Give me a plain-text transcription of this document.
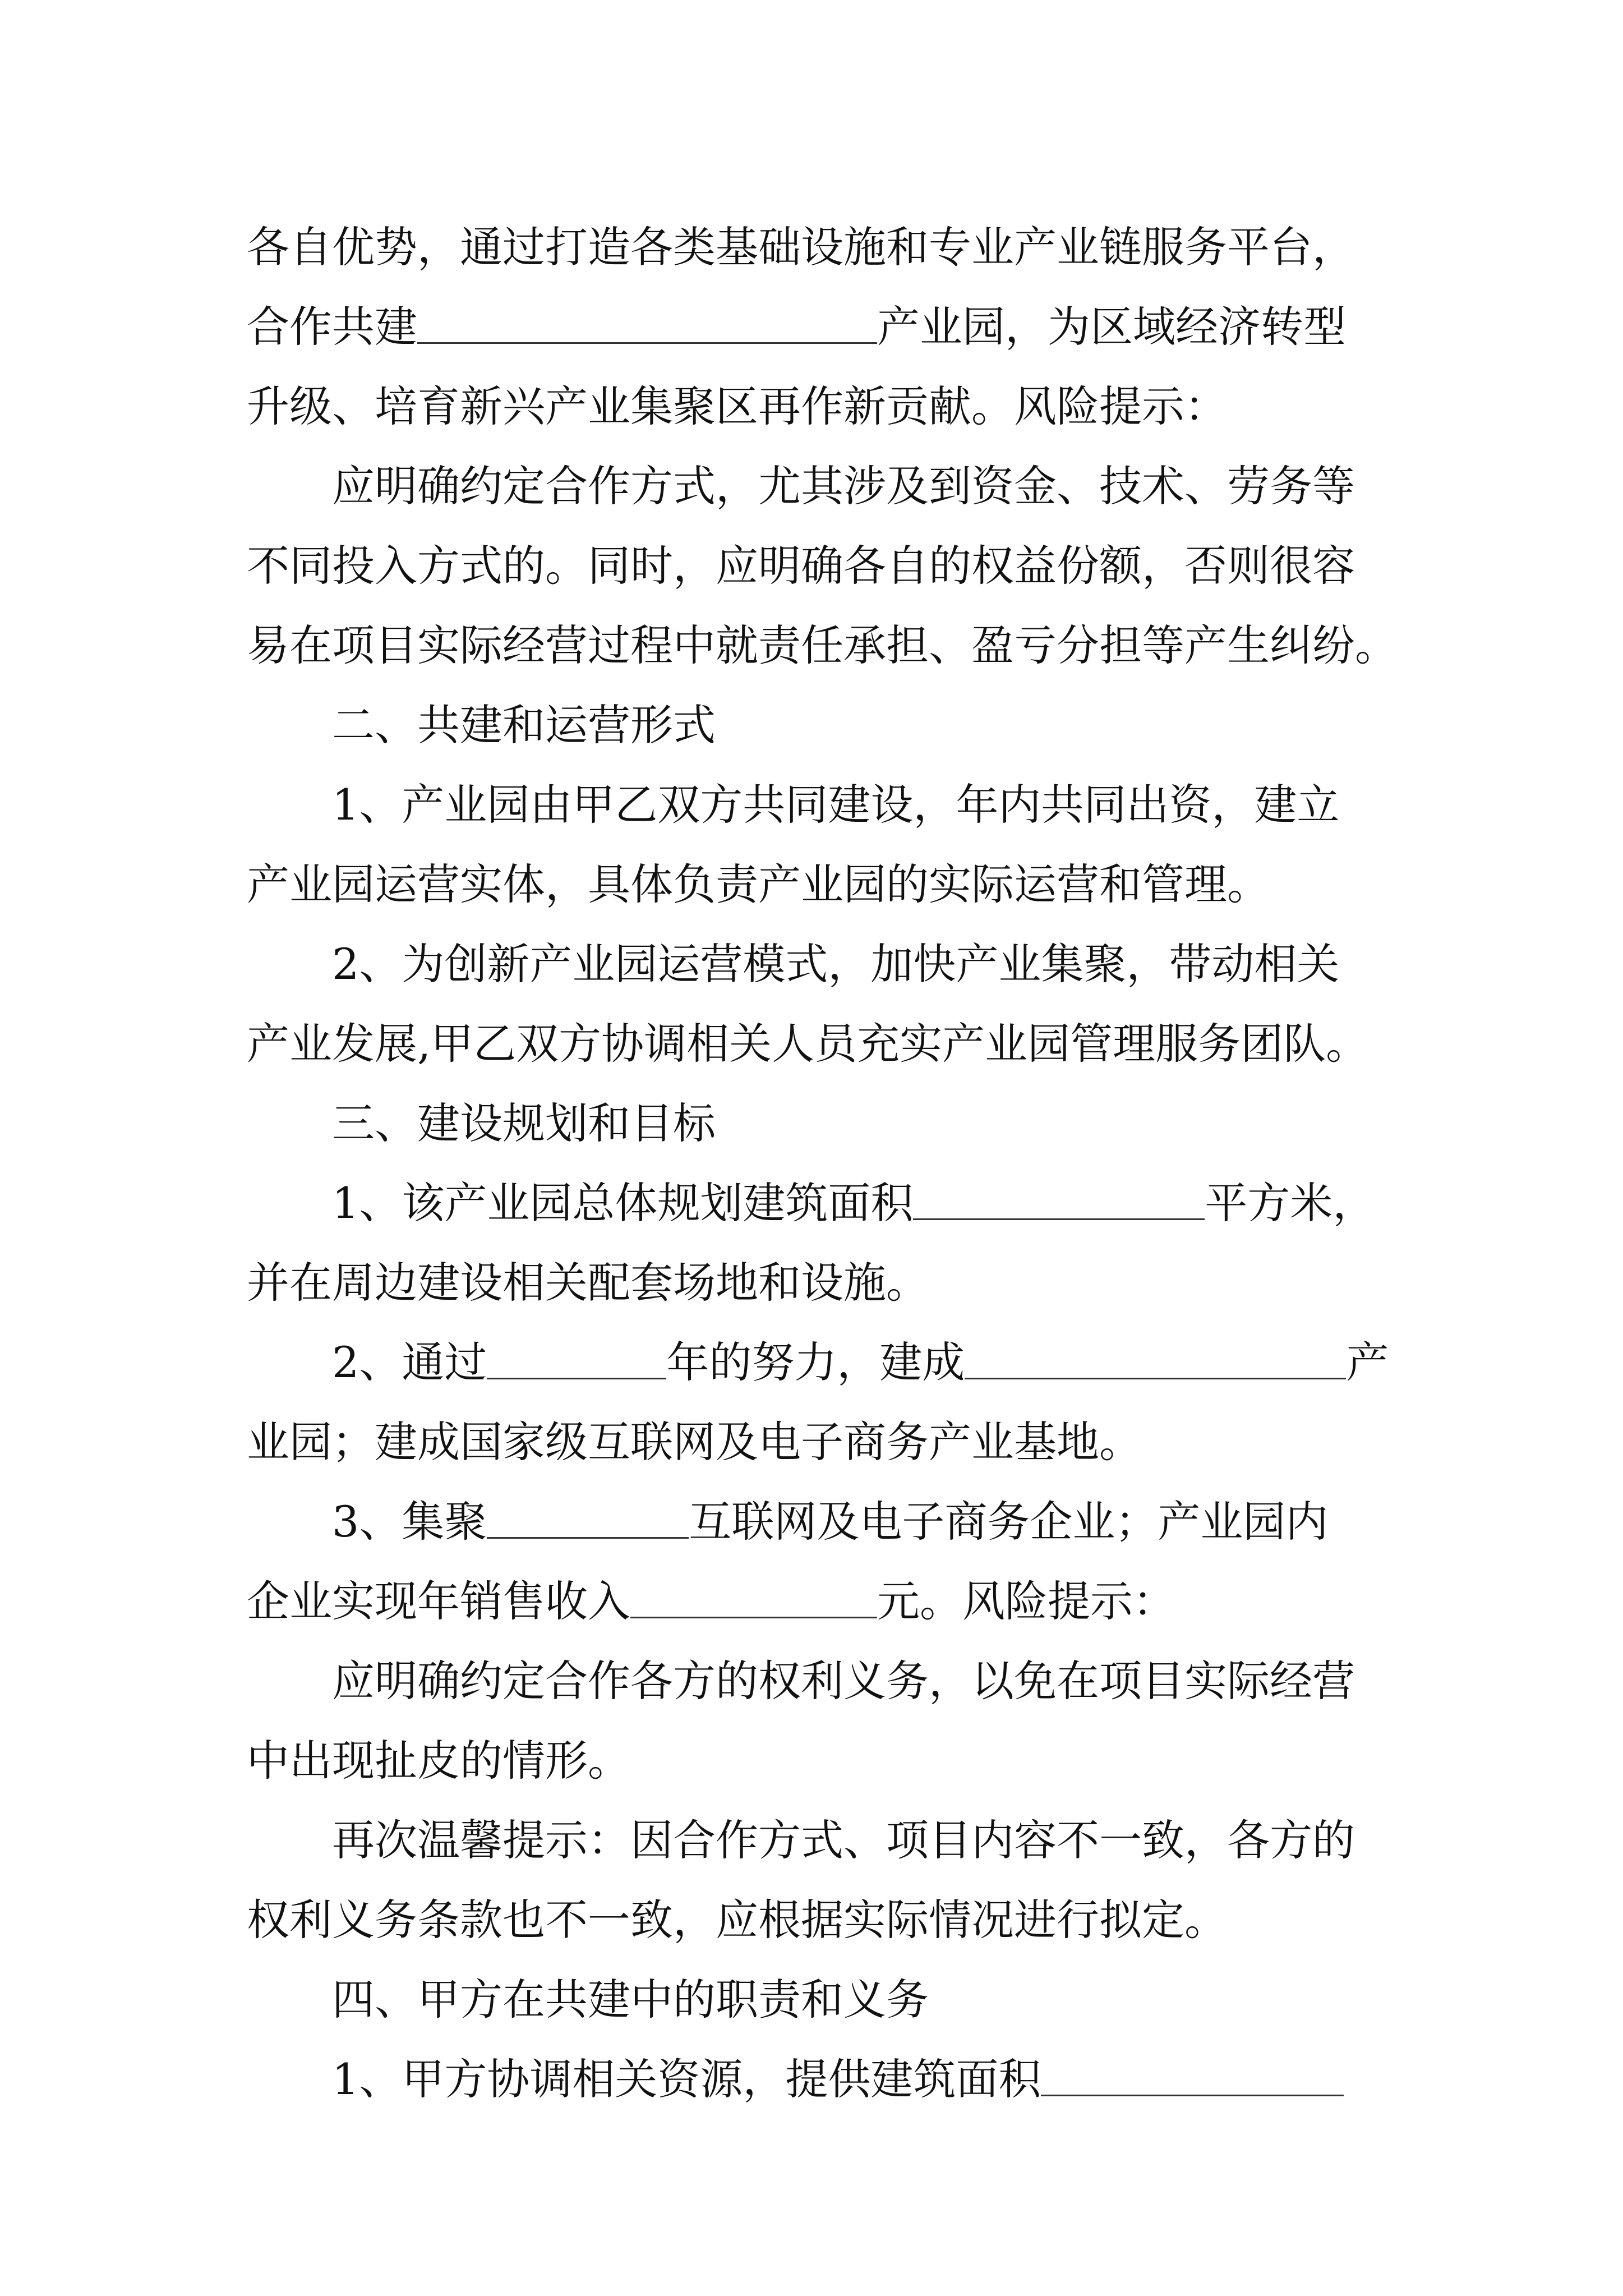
各自优势，通过打造各类基础设施和专业产业链服务平台，
合作共建	产业园，为区域经济转型
升级、培育新兴产业集聚区再作新贡献。风险提示：
应明确约定合作方式，尤其涉及到资金、技术、劳务等
不同投入方式的。同时，应明确各自的权益份额，否则很容
易在项目实际经营过程中就责任承担、盈亏分担等产生纠纷。
二、共建和运营形式
1、产业园由甲乙双方共同建设，年内共同出资，建立
产业园运营实体，具体负责产业园的实际运营和管理。
2、为创新产业园运营模式，加快产业集聚，带动相关
产业发展,甲乙双方协调相关人员充实产业园管理服务团队。
三、建设规划和目标
1、该产业园总体规划建筑面积	平方米，
并在周边建设相关配套场地和设施。
2、通过	年的努力，建成	产
业园；建成国家级互联网及电子商务产业基地。
3、集聚	互联网及电子商务企业；产业园内
企业实现年销售收入	元。风险提示：
应明确约定合作各方的权利义务，以免在项目实际经营
中出现扯皮的情形。
再次温馨提示：因合作方式、项目内容不一致，各方的
权利义务条款也不一致，应根据实际情况进行拟定。
四、甲方在共建中的职责和义务
1、甲方协调相关资源，提供建筑面积
